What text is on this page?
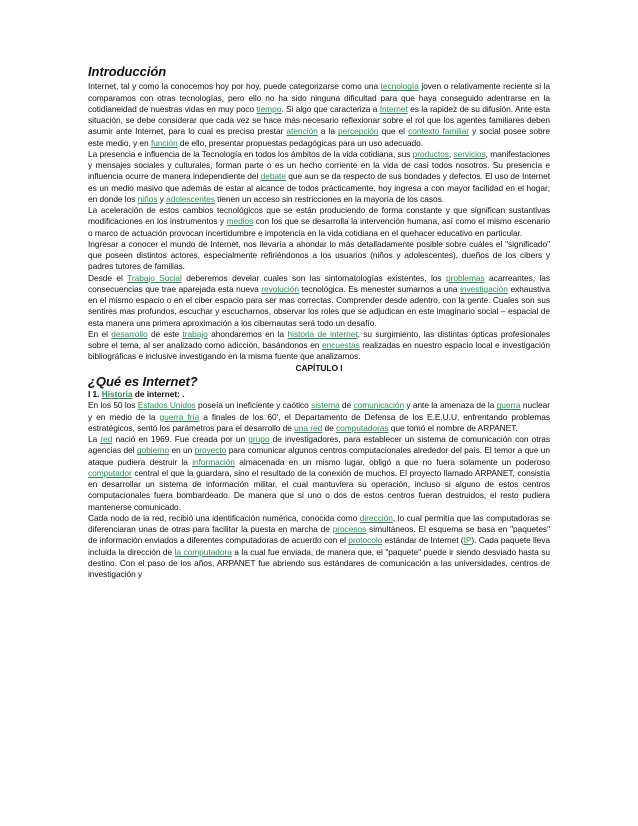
Introducción

Internet, tal y como la conocemos hoy por hoy, puede categorizarse como una tecnología joven o relativamente reciente si la comparamos con otras tecnologías, pero ello no ha sido ninguna dificultad para que haya conseguido adentrarse en la cotidianeidad de nuestras vidas en muy poco tiempo. Si algo que caracteriza a Internet es la rapidez de su difusión. Ante esta situación, se debe considerar que cada vez se hace más necesario reflexionar sobre el rol que los agentes familiares deben asumir ante Internet, para lo cual es preciso prestar atención a la percepción que el contexto familiar y social posee sobre este medio, y en función de ello, presentar propuestas pedagógicas para un uso adecuado.

La presencia e influencia de la Tecnología en todos los ámbitos de la vida cotidiana, sus productos, servicios, manifestaciones y mensajes sociales y culturales, forman parte o es un hecho corriente en la vida de casi todos nosotros. Su presencia e influencia ocurre de manera independiente del debate que aun se da respecto de sus bondades y defectos. El uso de Internet es un medio masivo que además de estar al alcance de todos prácticamente, hoy ingresa a con mayor facilidad en el hogar; en donde los niños y adolescentes tienen un acceso sin restricciones en la mayoría de los casos.

La aceleración de estos cambios tecnológicos que se están produciendo de forma constante y que significan sustantivas modificaciones en los instrumentos y medios con los que se desarrolla la intervención humana, así como el mismo escenario o marco de actuación provocan incertidumbre e impotencia en la vida cotidiana en el quehacer educativo en particular.

Ingresar a conocer el mundo de Internet, nos llevaría a ahondar lo más detalladamente posible sobre cuáles el "significado" que poseen distintos actores, especialmente refiriéndonos a los usuarios (niños y adolescentes), dueños de los cibers y padres tutores de familias.

Desde el Trabajo Social deberemos develar cuales son las sintomatologías existentes, los problemas acarreantes, las consecuencias que trae aparejada esta nueva revolución tecnológica. Es menester sumarnos a una investigación exhaustiva en el mismo espacio o en el ciber espacio para ser mas correctas. Comprender desde adentro, con la gente. Cuales son sus sentires mas profundos, escuchar y escucharnos, observar los roles que se adjudican en este imaginario social – espacial de esta manera una primera aproximación a los cibernautas será todo un desafío.

En el desarrollo de este trabajo ahondaremos en la historia de internet, su surgimiento, las distintas ópticas profesionales sobre el tema, al ser analizado como adicción, basándonos en encuestas realizadas en nuestro espacio local e investigación bibliográficas e inclusive investigando en la misma fuente que analizamos.

CAPÍTULO I

¿Qué es Internet?

I 1. Historia de internet: .

En los 50 los Estados Unidos poseía un ineficiente y caótico sistema de comunicación y ante la amenaza de la guerra nuclear y en medio de la guerra fría a finales de los 60', el Departamento de Defensa de los E.E.U.U, enfrentando problemas estratégicos, sentó los parámetros para el desarrollo de una red de computadoras que tomó el nombre de ARPANET.

La red nació en 1969. Fue creada por un grupo de investigadores, para establecer un sistema de comunicación con otras agencias del gobierno en un proyecto para comunicar algunos centros computacionales alrededor del país. El temor a que un ataque pudiera destruir la información almacenada en un mismo lugar, obligó a que no fuera solamente un poderoso computador central el que la guardara, sino el resultado de la conexión de muchos. El proyecto llamado ARPANET, consistía en desarrollar un sistema de información militar, el cual mantuviera su operación, incluso si alguno de estos centros computacionales fuera bombardeado. De manera que si uno o dos de estos centros fueran destruidos, el resto pudiera mantenerse comunicado.

Cada nodo de la red, recibió una identificación numérica, conocida como dirección, lo cual permitía que las computadoras se diferenciaran unas de otras para facilitar la puesta en marcha de procesos simultáneos. El esquema se basa en "paquetes" de información enviados a diferentes computadoras de acuerdo con el protocolo estándar de Internet (IP). Cada paquete lleva incluida la dirección de la computadora a la cual fue enviada, de manera que, el "paquete" puede ir siendo desviado hasta su destino. Con el paso de los años, ARPANET fue abriendo sus estándares de comunicación a las universidades, centros de investigación y
